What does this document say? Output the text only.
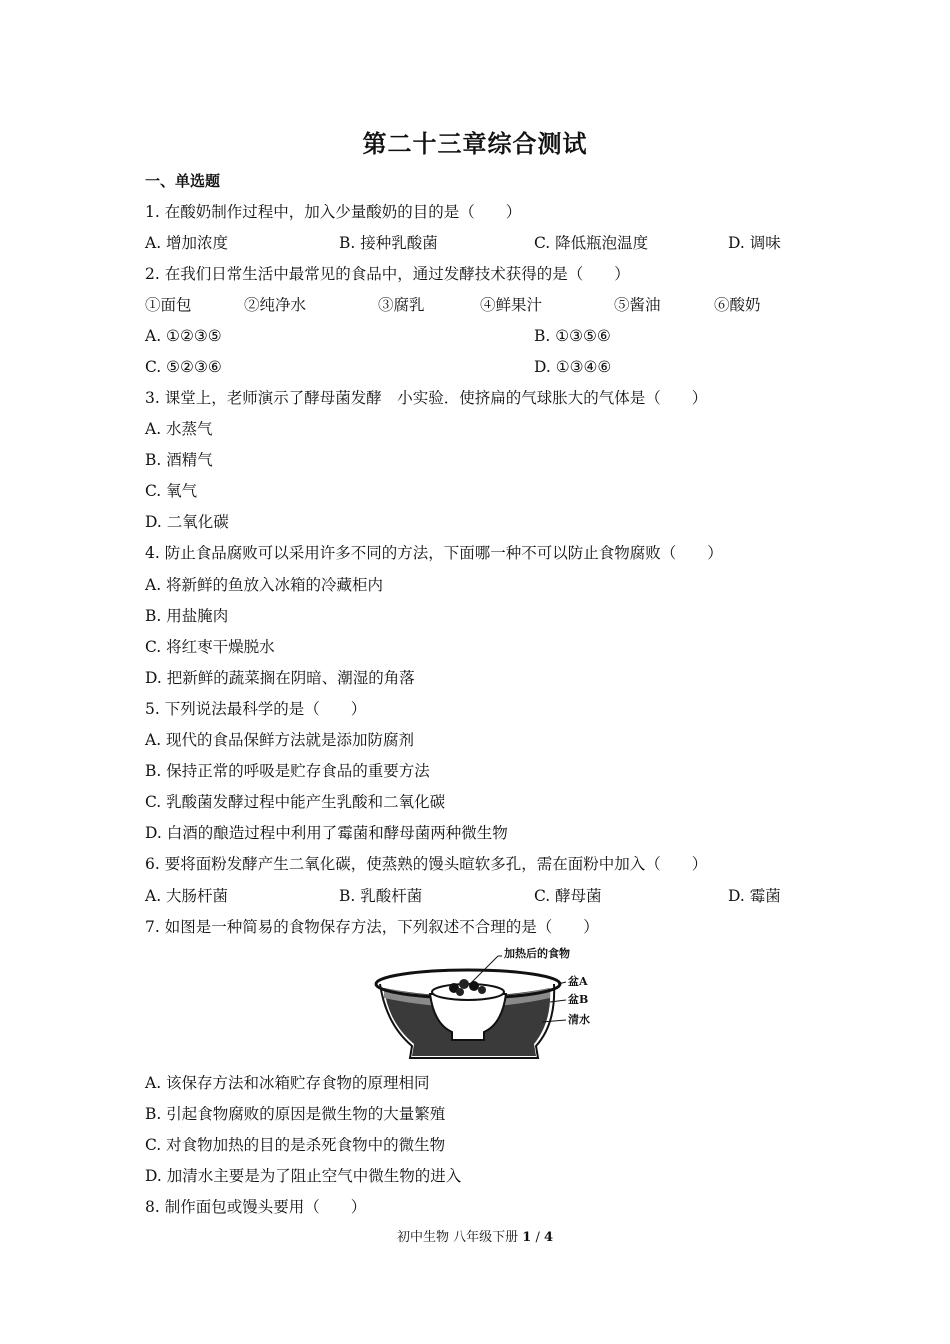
第二十三章综合测试
一、单选题
1. 在酸奶制作过程中，加入少量酸奶的目的是（　　）
A. 增加浓度	B. 接种乳酸菌	C. 降低瓶泡温度	D. 调味
2. 在我们日常生活中最常见的食品中，通过发酵技术获得的是（　　）
①面包	②纯净水	③腐乳	④鲜果汁	⑤酱油	⑥酸奶
A. ①②③⑤	B. ①③⑤⑥
C. ⑤②③⑥	D. ①③④⑥
3. 课堂上，老师演示了酵母菌发酵　小实验．使挤扁的气球胀大的气体是（　　）
A. 水蒸气
B. 酒精气
C. 氧气
D. 二氧化碳
4. 防止食品腐败可以采用许多不同的方法，下面哪一种不可以防止食物腐败（　　）
A. 将新鲜的鱼放入冰箱的冷藏柜内
B. 用盐腌肉
C. 将红枣干燥脱水
D. 把新鲜的蔬菜搁在阴暗、潮湿的角落
5. 下列说法最科学的是（　　）
A. 现代的食品保鲜方法就是添加防腐剂
B. 保持正常的呼吸是贮存食品的重要方法
C. 乳酸菌发酵过程中能产生乳酸和二氧化碳
D. 白酒的酿造过程中利用了霉菌和酵母菌两种微生物
6. 要将面粉发酵产生二氧化碳，使蒸熟的馒头暄软多孔，需在面粉中加入（　　）
A. 大肠杆菌	B. 乳酸杆菌	C. 酵母菌	D. 霉菌
7. 如图是一种简易的食物保存方法，下列叙述不合理的是（　　）
加热后的食物
盆A
盆B
清水
A. 该保存方法和冰箱贮存食物的原理相同
B. 引起食物腐败的原因是微生物的大量繁殖
C. 对食物加热的目的是杀死食物中的微生物
D. 加清水主要是为了阻止空气中微生物的进入
8. 制作面包或馒头要用（　　）
初中生物 八年级下册 1 / 4
